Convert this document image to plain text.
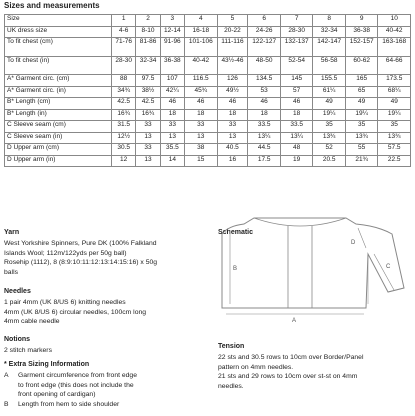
Sizes and measurements
Size	1	2	3	4	5	6	7	8	9	10
UK dress size	4-6	8-10	12-14	16-18	20-22	24-26	28-30	32-34	36-38	40-42
To fit chest (cm)	71-76	81-86	91-96	101-106	111-116	122-127	132-137	142-147	152-157	163-168
To fit chest (in)	28-30	32-34	36-38	40-42	43½-46	48-50	52-54	56-58	60-62	64-66
A* Garment circ. (cm)	88	97.5	107	116.5	126	134.5	145	155.5	165	173.5
A* Garment circ. (in)	34¾	38½	42¼	45¾	49½	53	57	61¼	65	68¼
B* Length (cm)	42.5	42.5	46	46	46	46	46	49	49	49
B* Length (in)	16¾	16¾	18	18	18	18	18	19¼	19¼	19¼
C Sleeve seam (cm)	31.5	33	33	33	33	33.5	33.5	35	35	35
C Sleeve seam (in)	12½	13	13	13	13	13¼	13¼	13¾	13¾	13¾
D Upper arm (cm)	30.5	33	35.5	38	40.5	44.5	48	52	55	57.5
D Upper arm (in)	12	13	14	15	16	17.5	19	20.5	21¾	22.5
Yarn
West Yorkshire Spinners, Pure DK (100% Falkland
Islands Wool; 112m/122yds per 50g ball)
Rosehip (1112), 8 (8:9:10:11:12:13:14:15:16) x 50g
balls
Needles
1 pair 4mm (UK 8/US 6) knitting needles
4mm (UK 8/US 6) circular needles, 100cm long
4mm cable needle
Notions
2 stitch markers
* Extra Sizing Information
A	Garment circumference from front edge
to front edge (this does not include the
front opening of cardigan)
B	Length from hem to side shoulder
Schematic
B
D
C
A
Tension
22 sts and 30.5 rows to 10cm over Border/Panel
pattern on 4mm needles.
21 sts and 29 rows to 10cm over st-st on 4mm
needles.
